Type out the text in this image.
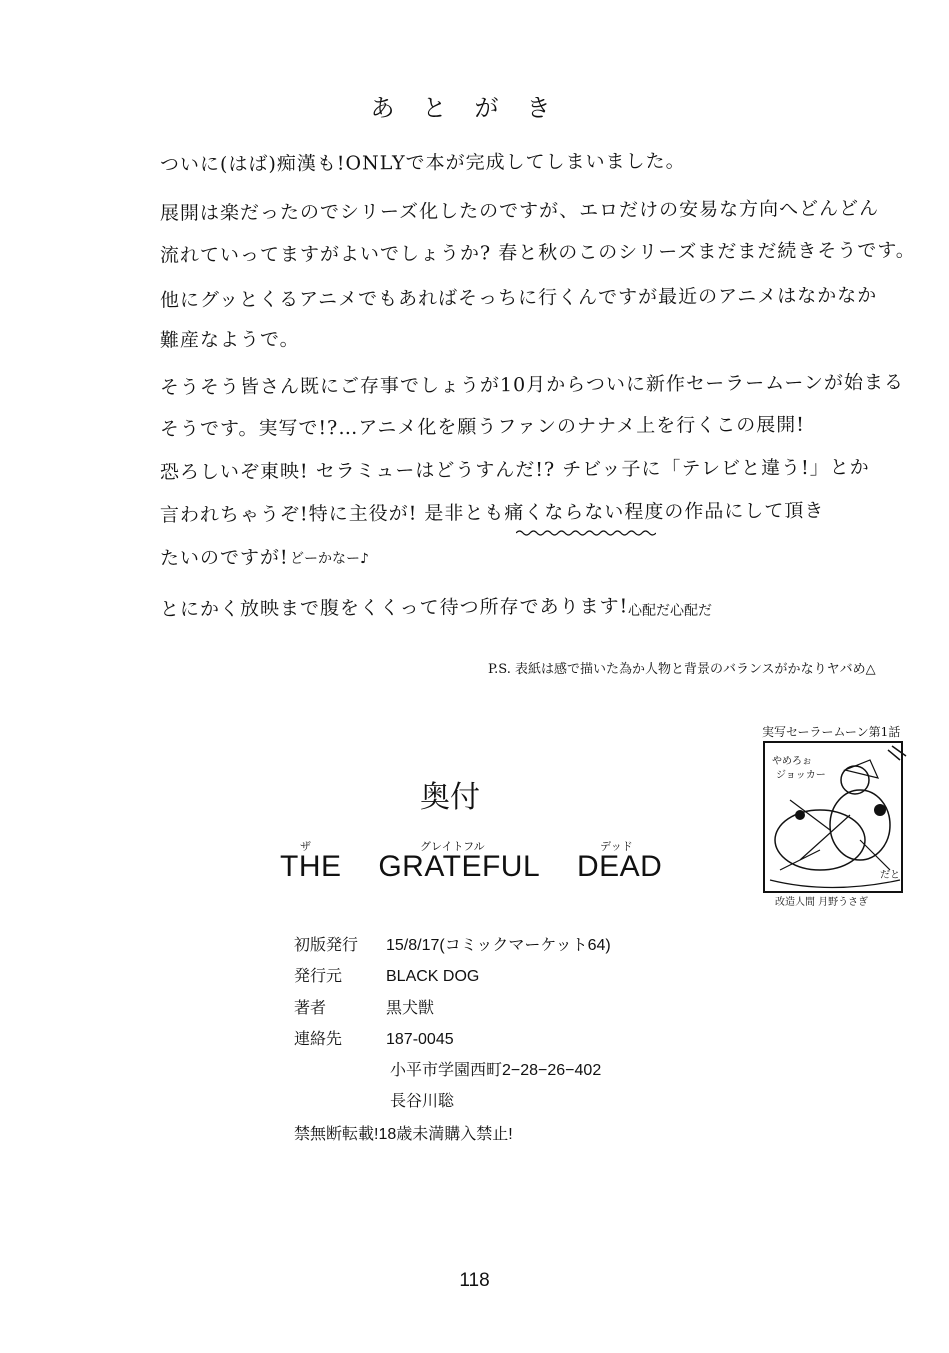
あとがき
ついに(はば)痴漢も!ONLYで本が完成してしまいました。
展開は楽だったのでシリーズ化したのですが、エロだけの安易な方向へどんどん
流れていってますがよいでしょうか? 春と秋のこのシリーズまだまだ続きそうです。
他にグッとくるアニメでもあればそっちに行くんですが最近のアニメはなかなか
難産なようで。
そうそう皆さん既にご存事でしょうが10月からついに新作セーラームーンが始まる
そうです。実写で!?…アニメ化を願うファンのナナメ上を行くこの展開!
恐ろしいぞ東映! セラミューはどうすんだ!? チビッ子に「テレビと違う!」とか
言われちゃうぞ!特に主役が! 是非とも痛くならない程度の作品にして頂き
たいのですが! どーかなー♪
とにかく放映まで腹をくくって待つ所存であります! 心配だ心配だ
P.S. 表紙は感で描いた為か人物と背景のバランスがかなりヤバめ△
実写セーラームーン第1話
やめろぉ
ジョッカー
だと
改造人間 月野うさぎ
奥付
ザ	グレイトフル	デッド
THE GRATEFUL DEAD
初版発行 15/8/17(コミックマーケット64)
発行元	BLACK DOG
著者	黒犬獣
連絡先	187-0045
小平市学園西町2−28−26−402
長谷川聡
禁無断転載!18歳未満購入禁止!
118
